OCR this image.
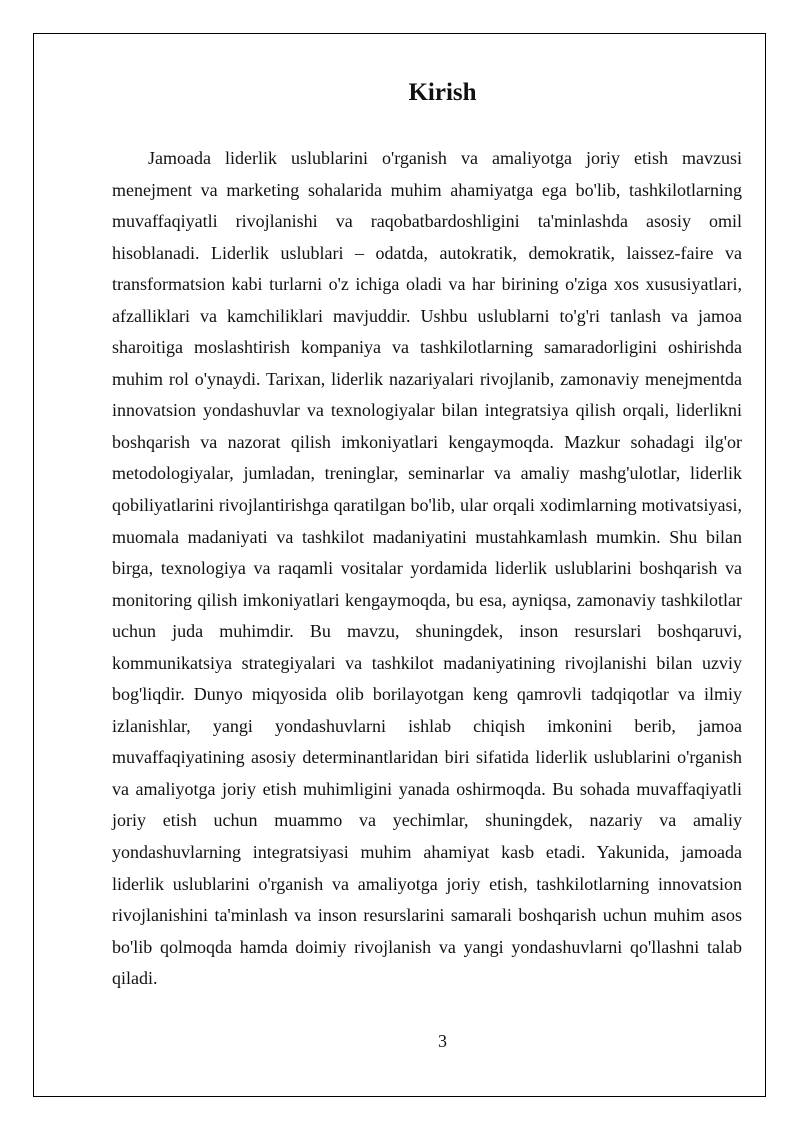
Kirish

Jamoada liderlik uslublarini o'rganish va amaliyotga joriy etish mavzusi menejment va marketing sohalarida muhim ahamiyatga ega bo'lib, tashkilotlarning muvaffaqiyatli rivojlanishi va raqobatbardoshligini ta'minlashda asosiy omil hisoblanadi. Liderlik uslublari – odatda, autokratik, demokratik, laissez-faire va transformatsion kabi turlarni o'z ichiga oladi va har birining o'ziga xos xususiyatlari, afzalliklari va kamchiliklari mavjuddir. Ushbu uslublarni to'g'ri tanlash va jamoa sharoitiga moslashtirish kompaniya va tashkilotlarning samaradorligini oshirishda muhim rol o'ynaydi. Tarixan, liderlik nazariyalari rivojlanib, zamonaviy menejmentda innovatsion yondashuvlar va texnologiyalar bilan integratsiya qilish orqali, liderlikni boshqarish va nazorat qilish imkoniyatlari kengaymoqda. Mazkur sohadagi ilg'or metodologiyalar, jumladan, treninglar, seminarlar va amaliy mashg'ulotlar, liderlik qobiliyatlarini rivojlantirishga qaratilgan bo'lib, ular orqali xodimlarning motivatsiyasi, muomala madaniyati va tashkilot madaniyatini mustahkamlash mumkin. Shu bilan birga, texnologiya va raqamli vositalar yordamida liderlik uslublarini boshqarish va monitoring qilish imkoniyatlari kengaymoqda, bu esa, ayniqsa, zamonaviy tashkilotlar uchun juda muhimdir. Bu mavzu, shuningdek, inson resurslari boshqaruvi, kommunikatsiya strategiyalari va tashkilot madaniyatining rivojlanishi bilan uzviy bog'liqdir. Dunyo miqyosida olib borilayotgan keng qamrovli tadqiqotlar va ilmiy izlanishlar, yangi yondashuvlarni ishlab chiqish imkonini berib, jamoa muvaffaqiyatining asosiy determinantlaridan biri sifatida liderlik uslublarini o'rganish va amaliyotga joriy etish muhimligini yanada oshirmoqda. Bu sohada muvaffaqiyatli joriy etish uchun muammo va yechimlar, shuningdek, nazariy va amaliy yondashuvlarning integratsiyasi muhim ahamiyat kasb etadi. Yakunida, jamoada liderlik uslublarini o'rganish va amaliyotga joriy etish, tashkilotlarning innovatsion rivojlanishini ta'minlash va inson resurslarini samarali boshqarish uchun muhim asos bo'lib qolmoqda hamda doimiy rivojlanish va yangi yondashuvlarni qo'llashni talab qiladi.

3
